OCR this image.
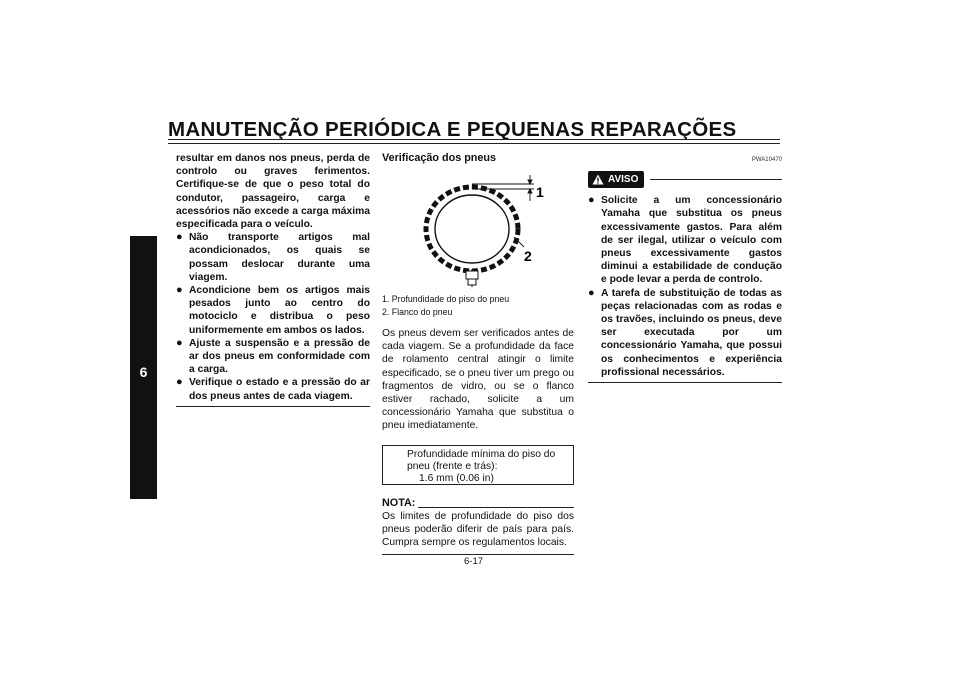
MANUTENÇÃO PERIÓDICA E PEQUENAS REPARAÇÕES
6
resultar em danos nos pneus, perda de controlo ou graves ferimentos. Certifique-se de que o peso total do condutor, passageiro, carga e acessórios não excede a carga máxima especificada para o veículo.
● Não transporte artigos mal acondicionados, os quais se possam deslocar durante uma viagem.
● Acondicione bem os artigos mais pesados junto ao centro do motociclo e distribua o peso uniformemente em ambos os lados.
● Ajuste a suspensão e a pressão de ar dos pneus em conformidade com a carga.
● Verifique o estado e a pressão do ar dos pneus antes de cada viagem.
Verificação dos pneus
1
2
1. Profundidade do piso do pneu
2. Flanco do pneu
Os pneus devem ser verificados antes de cada viagem. Se a profundidade da face de rolamento central atingir o limite especificado, se o pneu tiver um prego ou fragmentos de vidro, ou se o flanco estiver rachado, solicite a um concessionário Yamaha que substitua o pneu imediatamente.
Profundidade mínima do piso do
pneu (frente e trás):
1.6 mm (0.06 in)
NOTA:
Os limites de profundidade do piso dos pneus poderão diferir de país para país. Cumpra sempre os regulamentos locais.
PWA10470
AVISO
● Solicite a um concessionário Yamaha que substitua os pneus excessivamente gastos. Para além de ser ilegal, utilizar o veículo com pneus excessivamente gastos diminui a estabilidade de condução e pode levar a perda de controlo.
● A tarefa de substituição de todas as peças relacionadas com as rodas e os travões, incluindo os pneus, deve ser executada por um concessionário Yamaha, que possui os conhecimentos e experiência profissional necessários.
6-17
